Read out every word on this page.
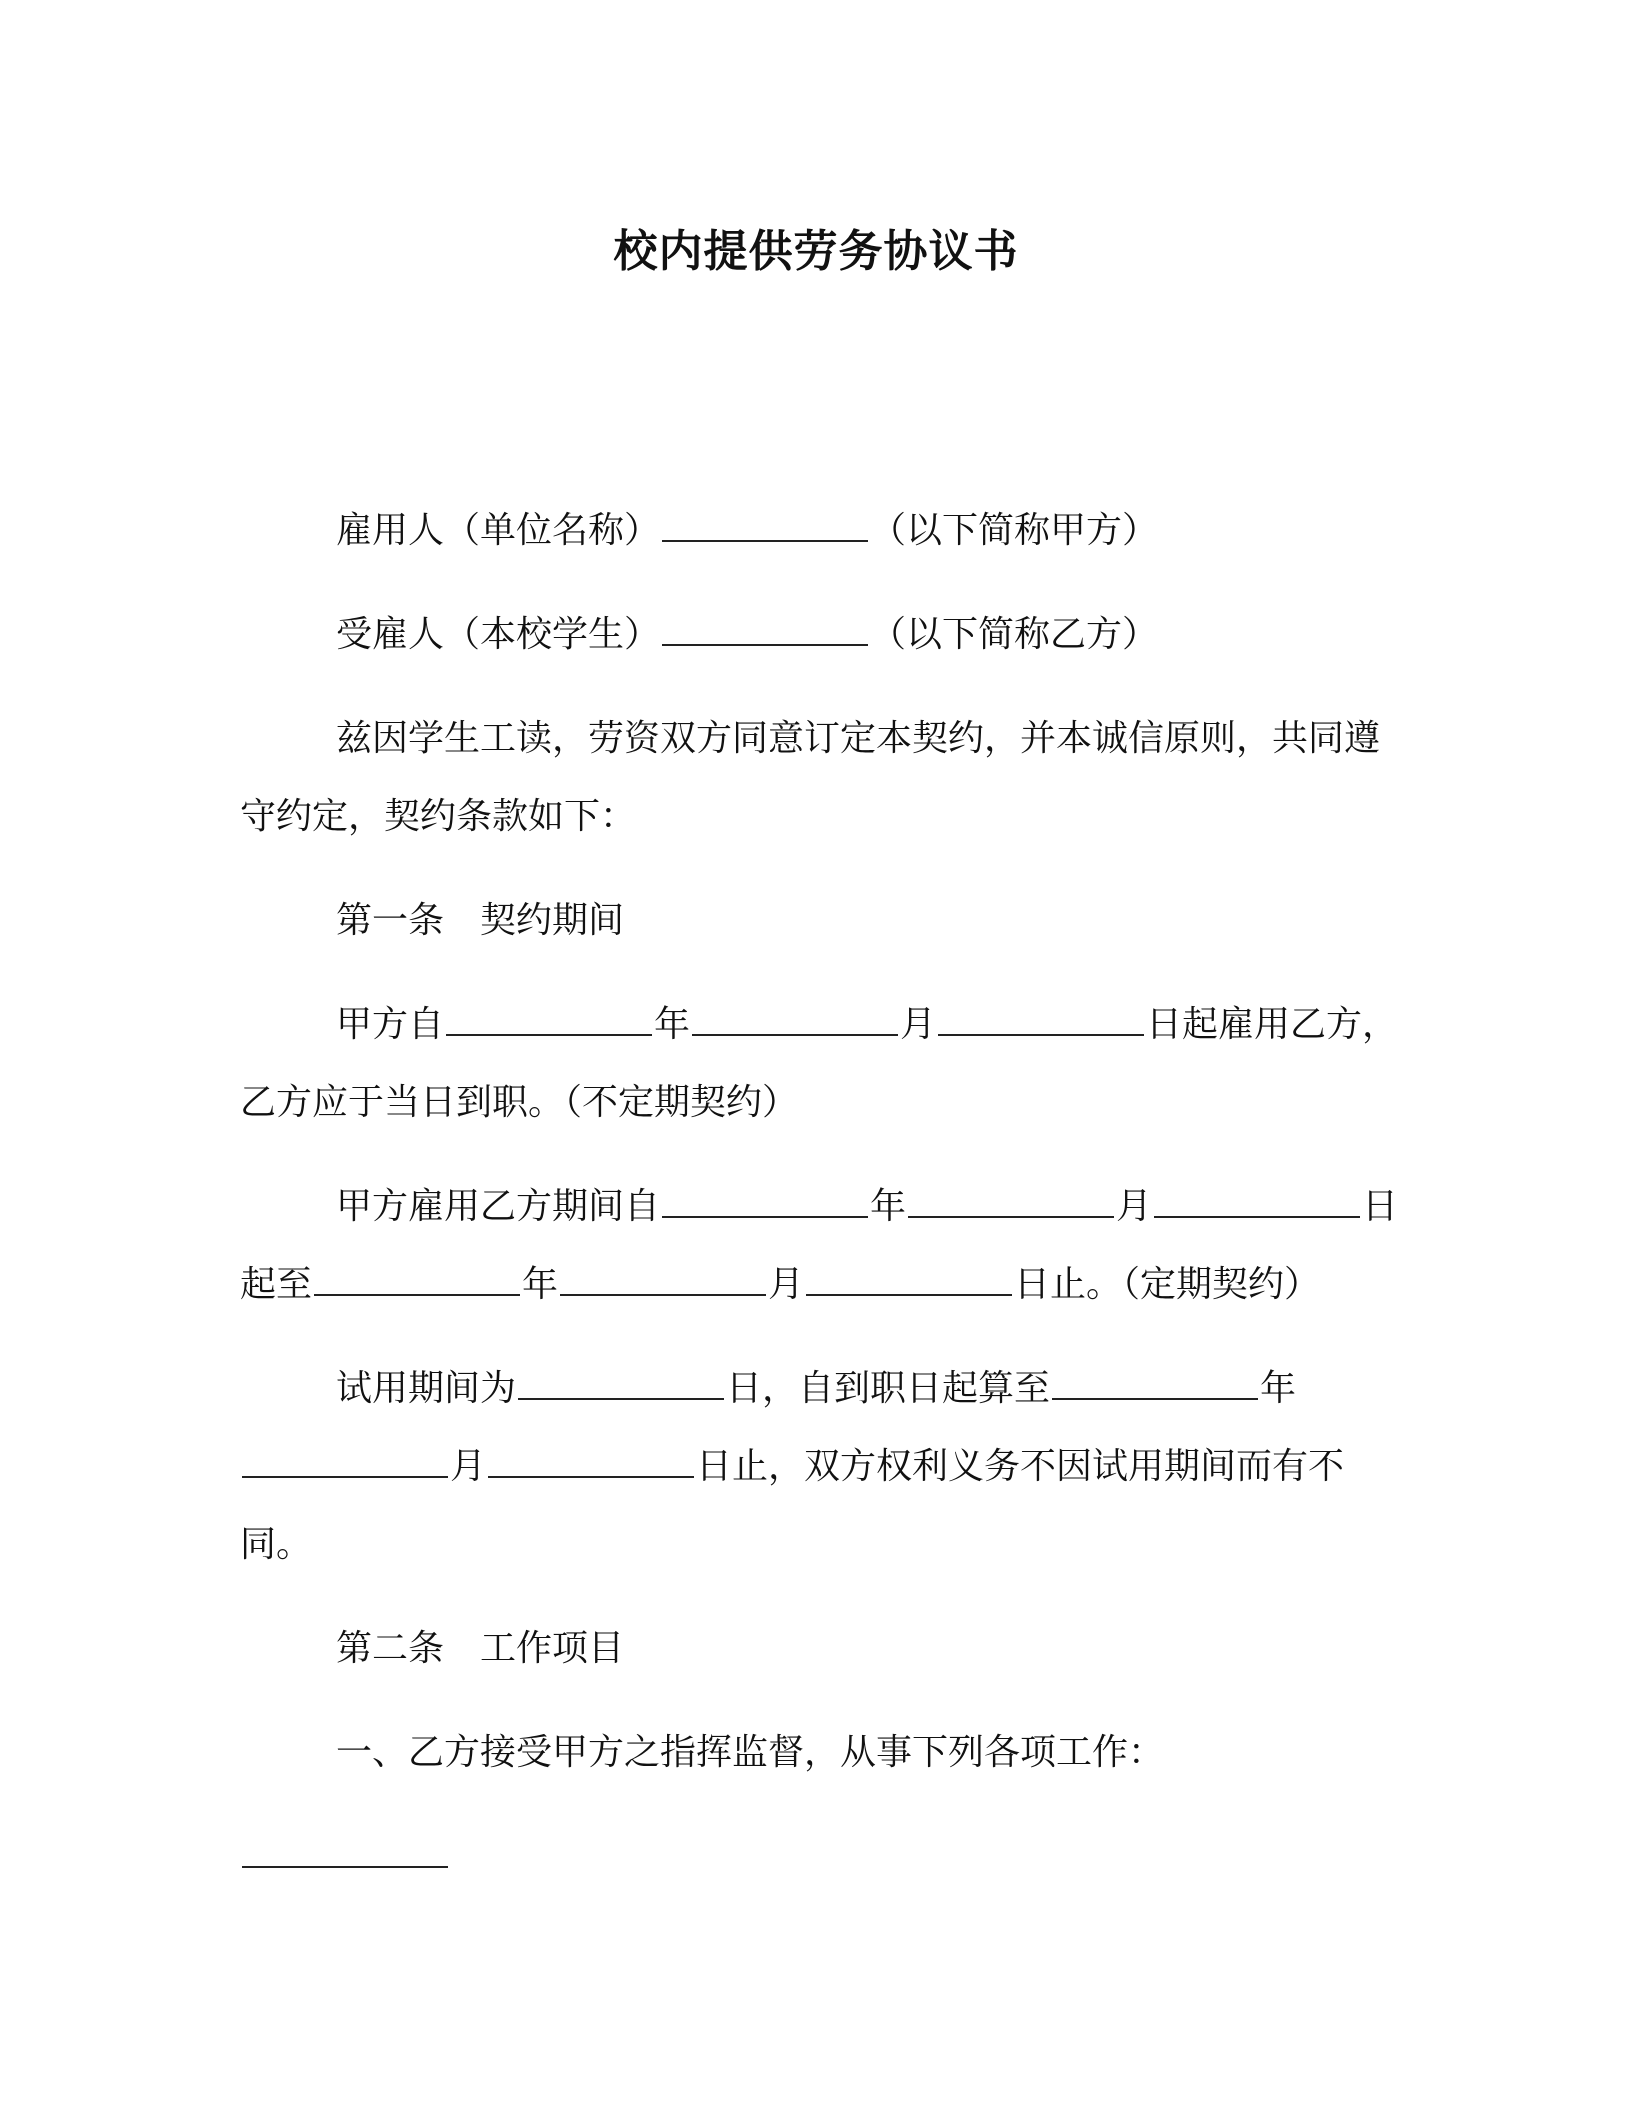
校内提供劳务协议书

雇用人（单位名称）	（以下简称甲方）

受雇人（本校学生）	（以下简称乙方）

兹因学生工读，劳资双方同意订定本契约，并本诚信原则，共同遵守约定，契约条款如下：

第一条　契约期间

甲方自	年	月	日起雇用乙方，乙方应于当日到职。（不定期契约）

甲方雇用乙方期间自	年	月	日起至	年	月	日止。（定期契约）

试用期间为	日，自到职日起算至	年月	日止，双方权利义务不因试用期间而有不同。

第二条　工作项目

一、乙方接受甲方之指挥监督，从事下列各项工作：
